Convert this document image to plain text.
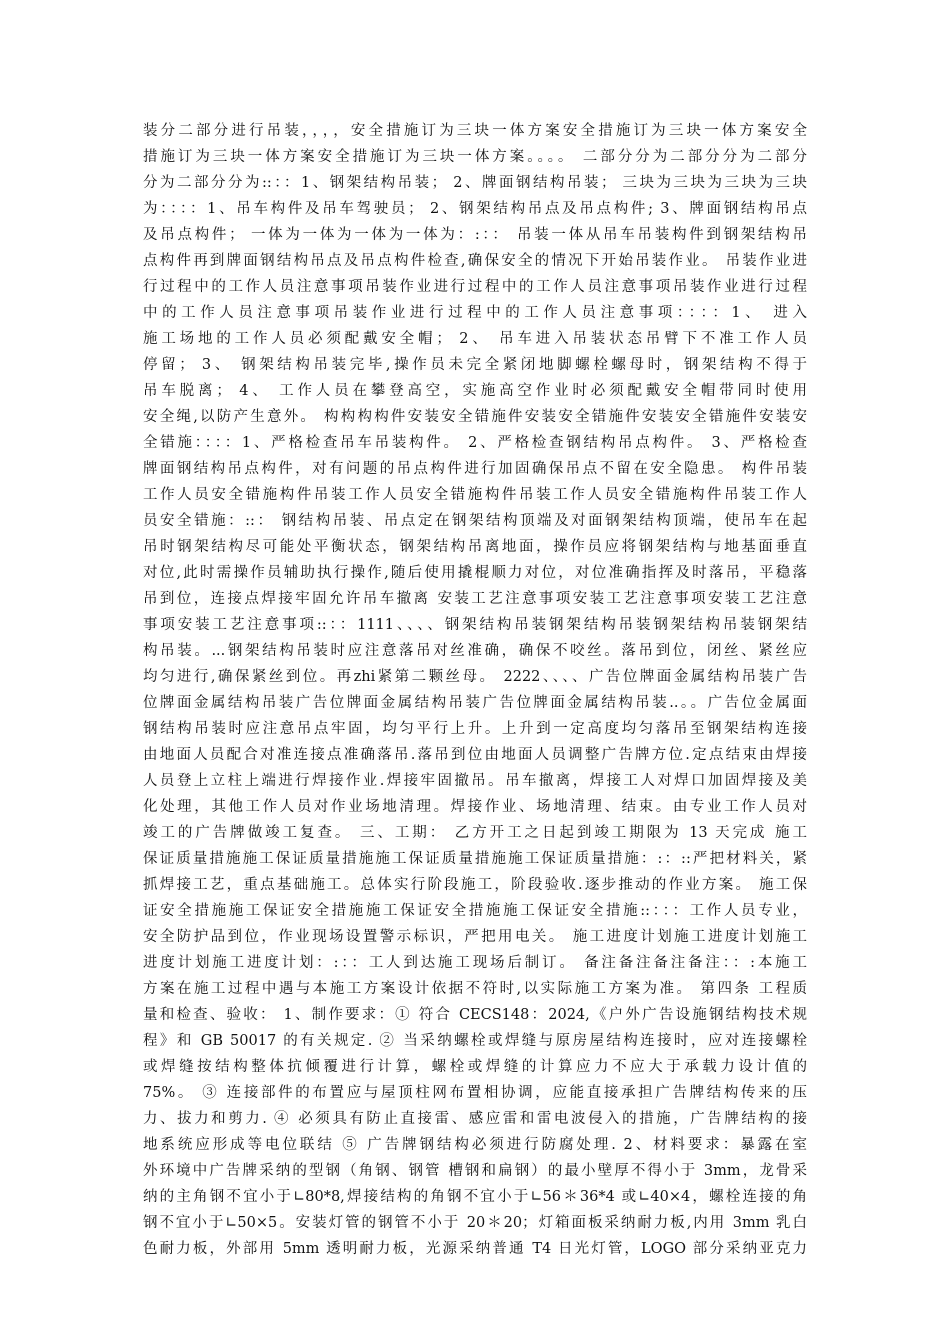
装分二部分进行吊装，，，，安全措施订为三块一体方案安全措施订为三块一体方案安全
措施订为三块一体方案安全措施订为三块一体方案。。。。 二部分分为二部分分为二部分
分为二部分分为::：：1、钢架结构吊装； 2、牌面钢结构吊装； 三块为三块为三块为三块
为：：：：1、吊车构件及吊车驾驶员； 2、钢架结构吊点及吊点构件; 3、牌面钢结构吊点
及吊点构件； 一体为一体为一体为一体为：:：： 吊装一体从吊车吊装构件到钢架结构吊
点构件再到牌面钢结构吊点及吊点构件检查,确保安全的情况下开始吊装作业。 吊装作业进
行过程中的工作人员注意事项吊装作业进行过程中的工作人员注意事项吊装作业进行过程
中的工作人员注意事项吊装作业进行过程中的工作人员注意事项：：：：1、 进入
施工场地的工作人员必须配戴安全帽； 2、 吊车进入吊装状态吊臂下不准工作人员
停留； 3、 钢架结构吊装完毕,操作员未完全紧闭地脚螺栓螺母时，钢架结构不得于
吊车脱离； 4、 工作人员在攀登高空，实施高空作业时必须配戴安全帽带同时使用
安全绳,以防产生意外。 构构构构件安装安全错施件安装安全错施件安装安全错施件安装安
全错施：：：：1、严格检查吊车吊装构件。 2、严格检查钢结构吊点构件。 3、严格检查
牌面钢结构吊点构件，对有问题的吊点构件进行加固确保吊点不留在安全隐患。 构件吊装
工作人员安全错施构件吊装工作人员安全错施构件吊装工作人员安全错施构件吊装工作人
员安全错施：::： 钢结构吊装、吊点定在钢架结构顶端及对面钢架结构顶端，使吊车在起
吊时钢架结构尽可能处平衡状态，钢架结构吊离地面，操作员应将钢架结构与地基面垂直
对位,此时需操作员辅助执行操作,随后使用撬棍顺力对位，对位准确指挥及时落吊，平稳落
吊到位，连接点焊接牢固允许吊车撤离 安装工艺注意事项安装工艺注意事项安装工艺注意
事项安装工艺注意事项::：：1111、、、、钢架结构吊装钢架结构吊装钢架结构吊装钢架结
构吊装。...钢架结构吊装时应注意落吊对丝准确，确保不咬丝。落吊到位，闭丝、紧丝应
均匀进行,确保紧丝到位。再zhi紧第二颗丝母。 2222、、、、广告位牌面金属结构吊装广告
位牌面金属结构吊装广告位牌面金属结构吊装广告位牌面金属结构吊装..。。广告位金属面
钢结构吊装时应注意吊点牢固，均匀平行上升。上升到一定高度均匀落吊至钢架结构连接
由地面人员配合对准连接点准确落吊.落吊到位由地面人员调整广告牌方位.定点结束由焊接
人员登上立柱上端进行焊接作业.焊接牢固撤吊。吊车撤离，焊接工人对焊口加固焊接及美
化处理，其他工作人员对作业场地清理。焊接作业、场地清理、结束。由专业工作人员对
竣工的广告牌做竣工复查。 三、工期： 乙方开工之日起到竣工期限为 13 天完成 施工
保证质量措施施工保证质量措施施工保证质量措施施工保证质量措施：:：::严把材料关，紧
抓焊接工艺，重点基础施工。总体实行阶段施工，阶段验收.逐步推动的作业方案。 施工保
证安全措施施工保证安全措施施工保证安全措施施工保证安全措施::：：：工作人员专业，
安全防护品到位，作业现场设置警示标识，严把用电关。 施工进度计划施工进度计划施工
进度计划施工进度计划：:：：工人到达施工现场后制订。 备注备注备注备注：：:本施工
方案在施工过程中遇与本施工方案设计依据不符时,以实际施工方案为准。 第四条 工程质
量和检查、验收： 1、制作要求：① 符合 CECS148：2024,《户外广告设施钢结构技术规
程》和 GB 50017 的有关规定. ② 当采纳螺栓或焊缝与原房屋结构连接时，应对连接螺栓
或焊缝按结构整体抗倾覆进行计算，螺栓或焊缝的计算应力不应大于承载力设计值的
75%。 ③ 连接部件的布置应与屋顶柱网布置相协调，应能直接承担广告牌结构传来的压
力、拔力和剪力. ④ 必须具有防止直接雷、感应雷和雷电波侵入的措施，广告牌结构的接
地系统应形成等电位联结 ⑤ 广告牌钢结构必须进行防腐处理. 2、材料要求：暴露在室
外环境中广告牌采纳的型钢（角钢、钢管 槽钢和扁钢）的最小壁厚不得小于 3mm，龙骨采
纳的主角钢不宜小于∟80*8,焊接结构的角钢不宜小于∟56＊36*4 或∟40×4，螺栓连接的角
钢不宜小于∟50×5。安装灯管的钢管不小于 20＊20；灯箱面板采纳耐力板,内用 3mm 乳白
色耐力板，外部用 5mm 透明耐力板，光源采纳普通 T4 日光灯管，LOGO 部分采纳亚克力
